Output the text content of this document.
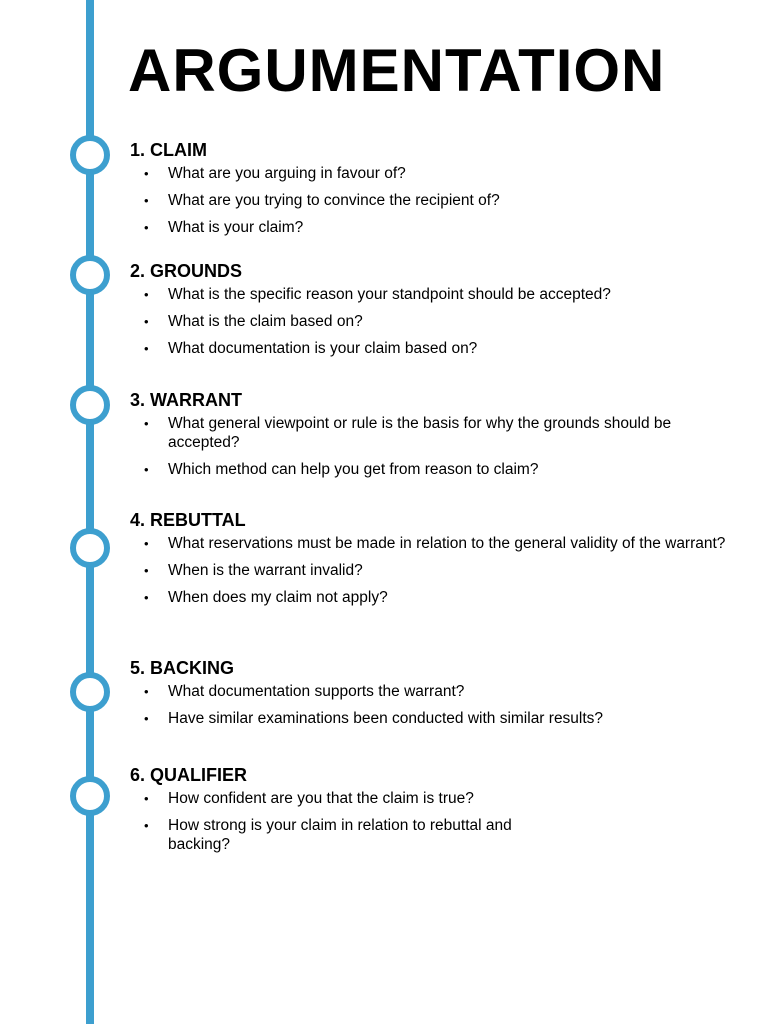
ARGUMENTATION
1. CLAIM
• What are you arguing in favour of?
• What are you trying to convince the recipient of?
• What is your claim?
2. GROUNDS
• What is the specific reason your standpoint should be accepted?
• What is the claim based on?
• What documentation is your claim based on?
3. WARRANT
• What general viewpoint or rule is the basis for why the grounds should be accepted?
• Which method can help you get from reason to claim?
4. REBUTTAL
• What reservations must be made in relation to the general validity of the warrant?
• When is the warrant invalid?
• When does my claim not apply?
5. BACKING
• What documentation supports the warrant?
• Have similar examinations been conducted with similar results?
6. QUALIFIER
• How confident are you that the claim is true?
• How strong is your claim in relation to rebuttal and backing?
